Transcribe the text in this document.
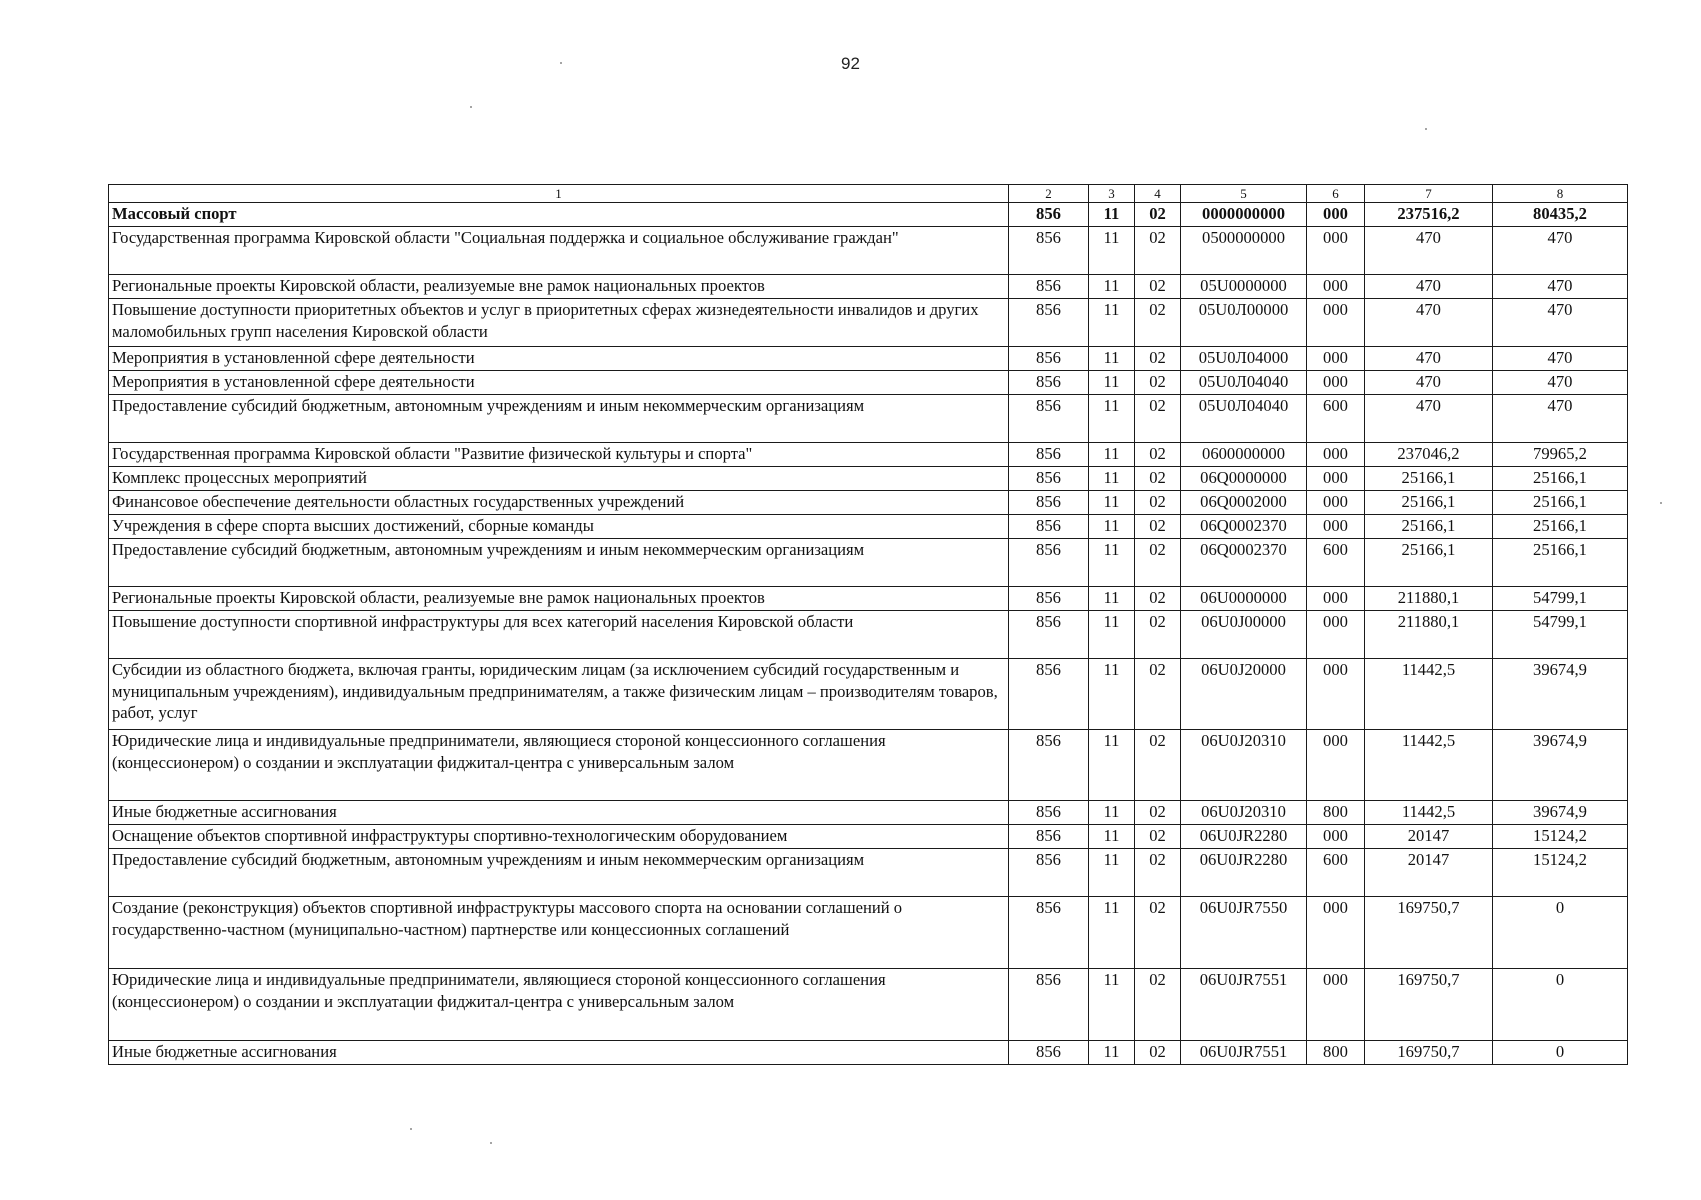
92
1	2	3	4	5	6	7	8
Массовый спорт	856	11	02	0000000000	000	237516,2	80435,2
Государственная программа Кировской области "Социальная поддержка и социальное обслуживание граждан"	856	11	02	0500000000	000	470	470
Региональные проекты Кировской области, реализуемые вне рамок национальных проектов	856	11	02	05U0000000	000	470	470
Повышение доступности приоритетных объектов и услуг в приоритетных сферах жизнедеятельности инвалидов и других маломобильных групп населения Кировской области	856	11	02	05U0Л00000	000	470	470
Мероприятия в установленной сфере деятельности	856	11	02	05U0Л04000	000	470	470
Мероприятия в установленной сфере деятельности	856	11	02	05U0Л04040	000	470	470
Предоставление субсидий бюджетным, автономным учреждениям и иным некоммерческим организациям	856	11	02	05U0Л04040	600	470	470
Государственная программа Кировской области "Развитие физической культуры и спорта"	856	11	02	0600000000	000	237046,2	79965,2
Комплекс процессных мероприятий	856	11	02	06Q0000000	000	25166,1	25166,1
Финансовое обеспечение деятельности областных государственных учреждений	856	11	02	06Q0002000	000	25166,1	25166,1
Учреждения в сфере спорта высших достижений, сборные команды	856	11	02	06Q0002370	000	25166,1	25166,1
Предоставление субсидий бюджетным, автономным учреждениям и иным некоммерческим организациям	856	11	02	06Q0002370	600	25166,1	25166,1
Региональные проекты Кировской области, реализуемые вне рамок национальных проектов	856	11	02	06U0000000	000	211880,1	54799,1
Повышение доступности спортивной инфраструктуры для всех категорий населения Кировской области	856	11	02	06U0J00000	000	211880,1	54799,1
Субсидии из областного бюджета, включая гранты, юридическим лицам (за исключением субсидий государственным и муниципальным учреждениям), индивидуальным предпринимателям, а также физическим лицам – производителям товаров, работ, услуг	856	11	02	06U0J20000	000	11442,5	39674,9
Юридические лица и индивидуальные предприниматели, являющиеся стороной концессионного соглашения (концессионером) о создании и эксплуатации фиджитал-центра с универсальным залом	856	11	02	06U0J20310	000	11442,5	39674,9
Иные бюджетные ассигнования	856	11	02	06U0J20310	800	11442,5	39674,9
Оснащение объектов спортивной инфраструктуры спортивно-технологическим оборудованием	856	11	02	06U0JR2280	000	20147	15124,2
Предоставление субсидий бюджетным, автономным учреждениям и иным некоммерческим организациям	856	11	02	06U0JR2280	600	20147	15124,2
Создание (реконструкция) объектов спортивной инфраструктуры массового спорта на основании соглашений о государственно-частном (муниципально-частном) партнерстве или концессионных соглашений	856	11	02	06U0JR7550	000	169750,7	0
Юридические лица и индивидуальные предприниматели, являющиеся стороной концессионного соглашения (концессионером) о создании и эксплуатации фиджитал-центра с универсальным залом	856	11	02	06U0JR7551	000	169750,7	0
Иные бюджетные ассигнования	856	11	02	06U0JR7551	800	169750,7	0
